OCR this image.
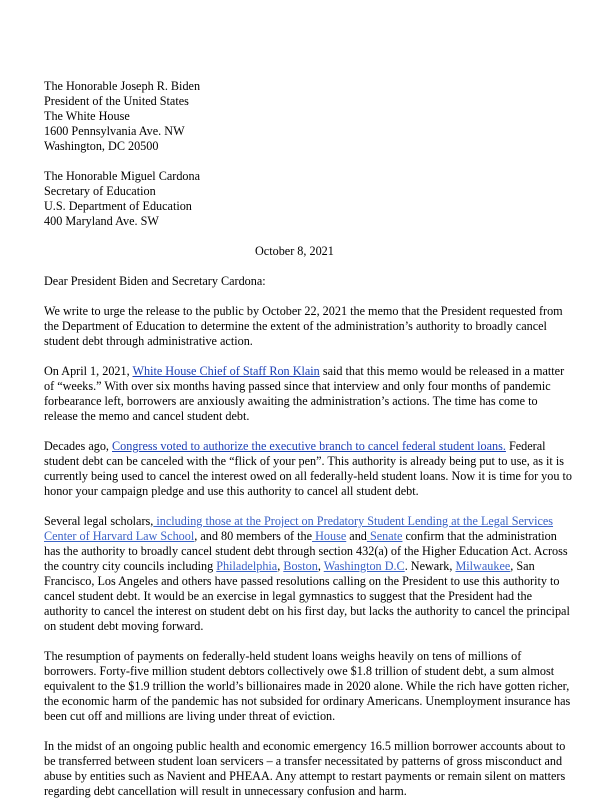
The Honorable Joseph R. Biden
President of the United States
The White House
1600 Pennsylvania Ave. NW
Washington, DC 20500
The Honorable Miguel Cardona
Secretary of Education
U.S. Department of Education
400 Maryland Ave. SW
October 8, 2021
Dear President Biden and Secretary Cardona:

We write to urge the release to the public by October 22, 2021 the memo that the President requested from the Department of Education to determine the extent of the administration’s authority to broadly cancel student debt through administrative action.

On April 1, 2021, White House Chief of Staff Ron Klain said that this memo would be released in a matter of “weeks.” With over six months having passed since that interview and only four months of pandemic forbearance left, borrowers are anxiously awaiting the administration’s actions. The time has come to release the memo and cancel student debt.

Decades ago, Congress voted to authorize the executive branch to cancel federal student loans. Federal student debt can be canceled with the “flick of your pen”. This authority is already being put to use, as it is currently being used to cancel the interest owed on all federally-held student loans. Now it is time for you to honor your campaign pledge and use this authority to cancel all student debt.

Several legal scholars, including those at the Project on Predatory Student Lending at the Legal Services Center of Harvard Law School, and 80 members of the House and Senate confirm that the administration has the authority to broadly cancel student debt through section 432(a) of the Higher Education Act. Across the country city councils including Philadelphia, Boston, Washington D.C. Newark, Milwaukee, San Francisco, Los Angeles and others have passed resolutions calling on the President to use this authority to cancel student debt. It would be an exercise in legal gymnastics to suggest that the President had the authority to cancel the interest on student debt on his first day, but lacks the authority to cancel the principal on student debt moving forward.

The resumption of payments on federally-held student loans weighs heavily on tens of millions of borrowers. Forty-five million student debtors collectively owe $1.8 trillion of student debt, a sum almost equivalent to the $1.9 trillion the world’s billionaires made in 2020 alone. While the rich have gotten richer, the economic harm of the pandemic has not subsided for ordinary Americans. Unemployment insurance has been cut off and millions are living under threat of eviction.

In the midst of an ongoing public health and economic emergency 16.5 million borrower accounts about to be transferred between student loan servicers – a transfer necessitated by patterns of gross misconduct and abuse by entities such as Navient and PHEAA. Any attempt to restart payments or remain silent on matters regarding debt cancellation will result in unnecessary confusion and harm.
